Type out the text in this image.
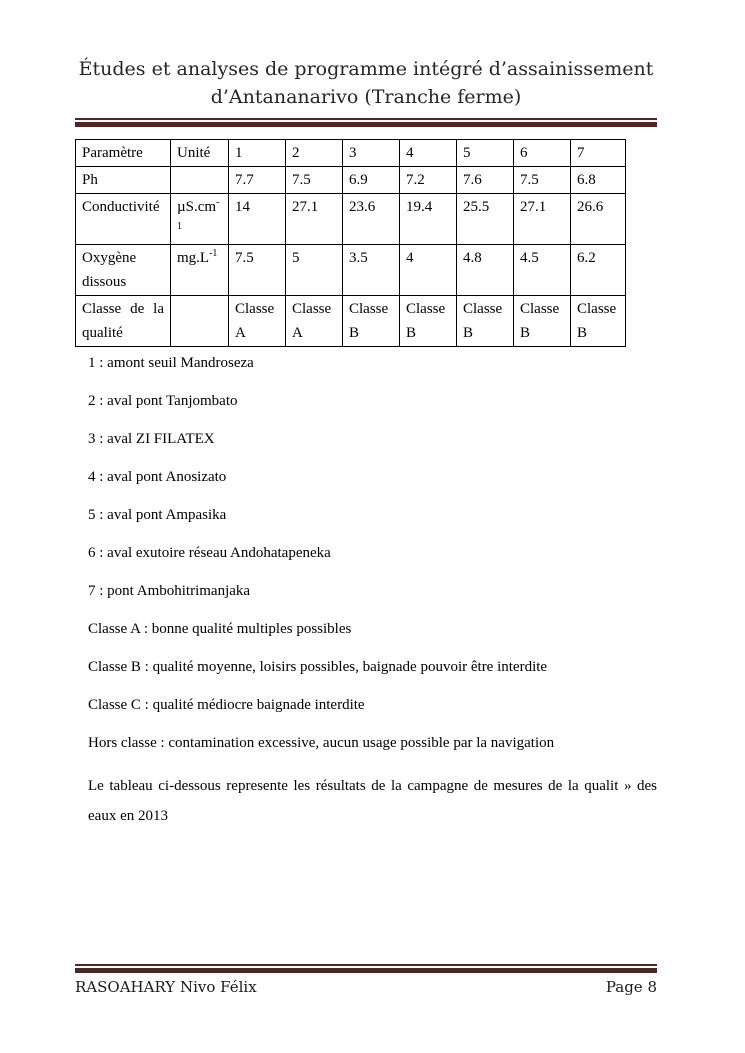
Études et analyses de programme intégré d’assainissement
d’Antananarivo (Tranche ferme)
Paramètre	Unité	1	2	3	4	5	6	7
Ph		7.7	7.5	6.9	7.2	7.6	7.5	6.8
Conductivité	$\mu S.cm^{-1}$	14	27.1	23.6	19.4	25.5	27.1	26.6
Oxygène dissous	$mg.L^{-1}$	7.5	5	3.5	4	4.8	4.5	6.2
Classe de la qualité		Classe A	Classe A	Classe B	Classe B	Classe B	Classe B	Classe B

1 : amont seuil Mandroseza

2 : aval pont Tanjombato

3 : aval ZI FILATEX

4 : aval pont Anosizato

5 : aval pont Ampasika

6 : aval exutoire réseau Andohatapeneka

7 : pont Ambohitrimanjaka

Classe A : bonne qualité multiples possibles

Classe B : qualité moyenne, loisirs possibles, baignade pouvoir être interdite

Classe C : qualité médiocre baignade interdite

Hors classe : contamination excessive, aucun usage possible par la navigation

Le tableau ci-dessous represente les résultats de la campagne de mesures de la qualit » des eaux en 2013

RASOAHARY Nivo Félix	Page 8
